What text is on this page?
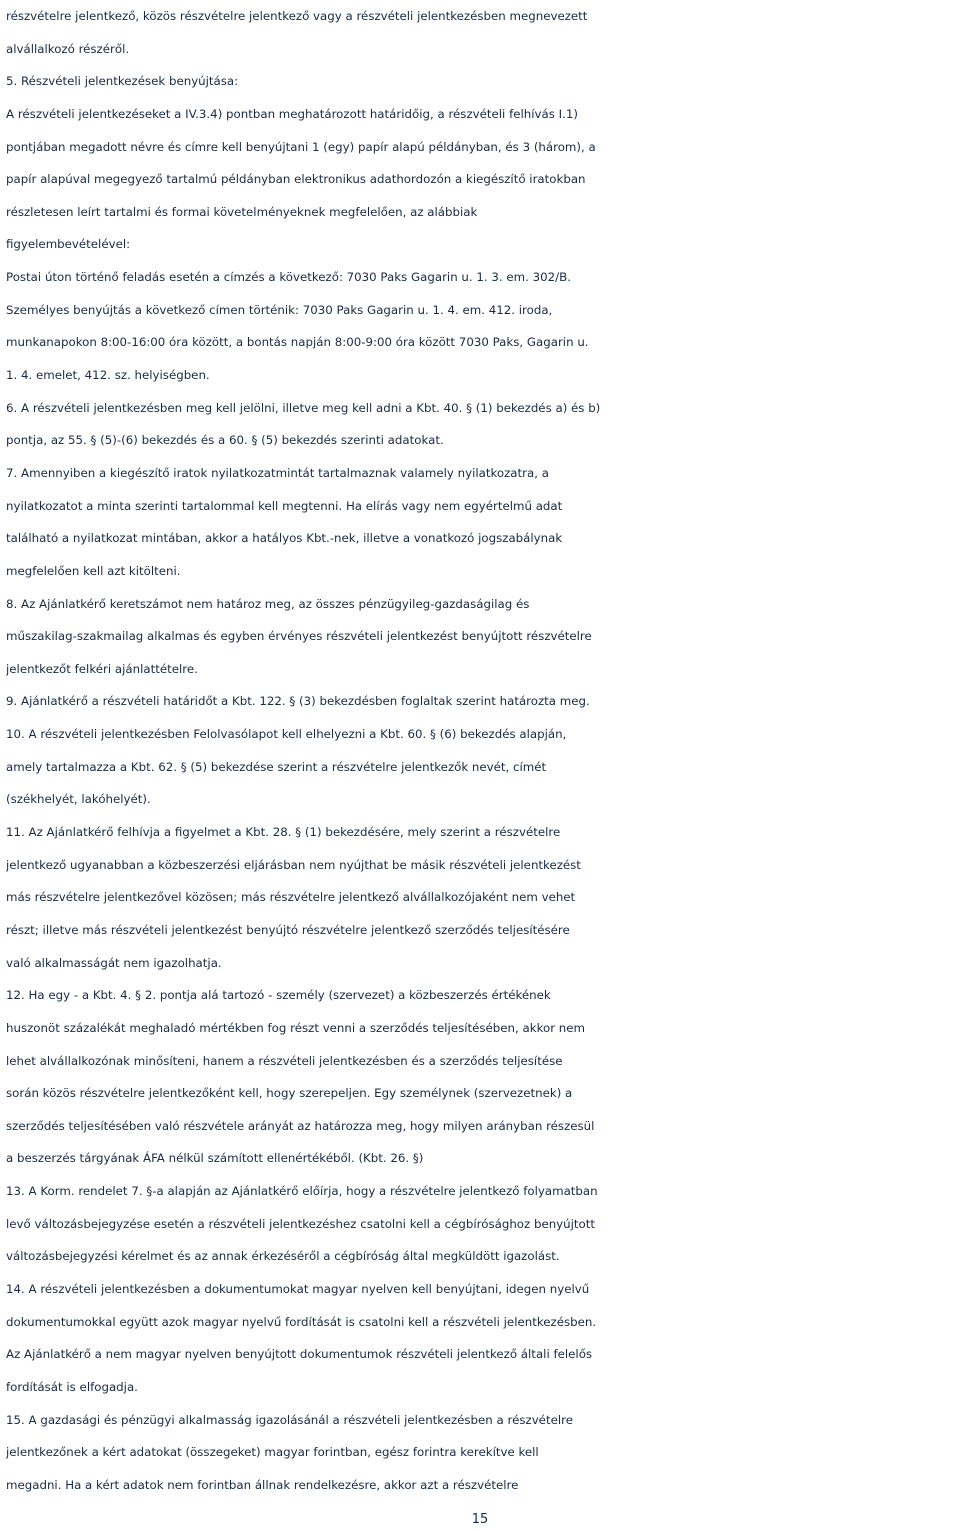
részvételre jelentkező, közös részvételre jelentkező vagy a részvételi jelentkezésben megnevezett
alvállalkozó részéről.
5. Részvételi jelentkezések benyújtása:
A részvételi jelentkezéseket a IV.3.4) pontban meghatározott határidőig, a részvételi felhívás I.1)
pontjában megadott névre és címre kell benyújtani 1 (egy) papír alapú példányban, és 3 (három), a
papír alapúval megegyező tartalmú példányban elektronikus adathordozón a kiegészítő iratokban
részletesen leírt tartalmi és formai követelményeknek megfelelően, az alábbiak
figyelembevételével:
Postai úton történő feladás esetén a címzés a következő: 7030 Paks Gagarin u. 1. 3. em. 302/B.
Személyes benyújtás a következő címen történik: 7030 Paks Gagarin u. 1. 4. em. 412. iroda,
munkanapokon 8:00-16:00 óra között, a bontás napján 8:00-9:00 óra között 7030 Paks, Gagarin u.
1. 4. emelet, 412. sz. helyiségben.
6. A részvételi jelentkezésben meg kell jelölni, illetve meg kell adni a Kbt. 40. § (1) bekezdés a) és b)
pontja, az 55. § (5)-(6) bekezdés és a 60. § (5) bekezdés szerinti adatokat.
7. Amennyiben a kiegészítő iratok nyilatkozatmintát tartalmaznak valamely nyilatkozatra, a
nyilatkozatot a minta szerinti tartalommal kell megtenni. Ha elírás vagy nem egyértelmű adat
található a nyilatkozat mintában, akkor a hatályos Kbt.-nek, illetve a vonatkozó jogszabálynak
megfelelően kell azt kitölteni.
8. Az Ajánlatkérő keretszámot nem határoz meg, az összes pénzügyileg-gazdaságilag és
műszakilag-szakmailag alkalmas és egyben érvényes részvételi jelentkezést benyújtott részvételre
jelentkezőt felkéri ajánlattételre.
9. Ajánlatkérő a részvételi határidőt a Kbt. 122. § (3) bekezdésben foglaltak szerint határozta meg.
10. A részvételi jelentkezésben Felolvasólapot kell elhelyezni a Kbt. 60. § (6) bekezdés alapján,
amely tartalmazza a Kbt. 62. § (5) bekezdése szerint a részvételre jelentkezők nevét, címét
(székhelyét, lakóhelyét).
11. Az Ajánlatkérő felhívja a figyelmet a Kbt. 28. § (1) bekezdésére, mely szerint a részvételre
jelentkező ugyanabban a közbeszerzési eljárásban nem nyújthat be másik részvételi jelentkezést
más részvételre jelentkezővel közösen; más részvételre jelentkező alvállalkozójaként nem vehet
részt; illetve más részvételi jelentkezést benyújtó részvételre jelentkező szerződés teljesítésére
való alkalmasságát nem igazolhatja.
12. Ha egy - a Kbt. 4. § 2. pontja alá tartozó - személy (szervezet) a közbeszerzés értékének
huszonöt százalékát meghaladó mértékben fog részt venni a szerződés teljesítésében, akkor nem
lehet alvállalkozónak minősíteni, hanem a részvételi jelentkezésben és a szerződés teljesítése
során közös részvételre jelentkezőként kell, hogy szerepeljen. Egy személynek (szervezetnek) a
szerződés teljesítésében való részvétele arányát az határozza meg, hogy milyen arányban részesül
a beszerzés tárgyának ÁFA nélkül számított ellenértékéből. (Kbt. 26. §)
13. A Korm. rendelet 7. §-a alapján az Ajánlatkérő előírja, hogy a részvételre jelentkező folyamatban
levő változásbejegyzése esetén a részvételi jelentkezéshez csatolni kell a cégbírósághoz benyújtott
változásbejegyzési kérelmet és az annak érkezéséről a cégbíróság által megküldött igazolást.
14. A részvételi jelentkezésben a dokumentumokat magyar nyelven kell benyújtani, idegen nyelvű
dokumentumokkal együtt azok magyar nyelvű fordítását is csatolni kell a részvételi jelentkezésben.
Az Ajánlatkérő a nem magyar nyelven benyújtott dokumentumok részvételi jelentkező általi felelős
fordítását is elfogadja.
15. A gazdasági és pénzügyi alkalmasság igazolásánál a részvételi jelentkezésben a részvételre
jelentkezőnek a kért adatokat (összegeket) magyar forintban, egész forintra kerekítve kell
megadni. Ha a kért adatok nem forintban állnak rendelkezésre, akkor azt a részvételre
15
